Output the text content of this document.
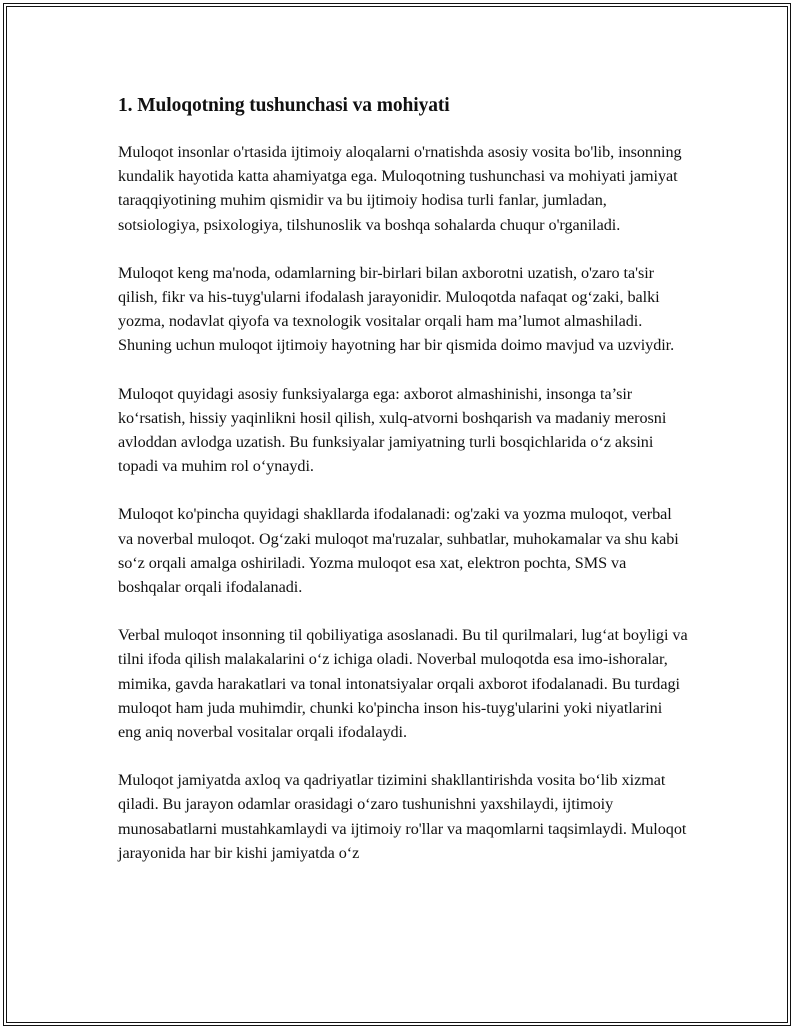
1. Muloqotning tushunchasi va mohiyati

Muloqot insonlar o'rtasida ijtimoiy aloqalarni o'rnatishda asosiy vosita bo'lib, insonning kundalik hayotida katta ahamiyatga ega. Muloqotning tushunchasi va mohiyati jamiyat taraqqiyotining muhim qismidir va bu ijtimoiy hodisa turli fanlar, jumladan, sotsiologiya, psixologiya, tilshunoslik va boshqa sohalarda chuqur o'rganiladi.

Muloqot keng ma'noda, odamlarning bir-birlari bilan axborotni uzatish, o'zaro ta'sir qilish, fikr va his-tuyg'ularni ifodalash jarayonidir. Muloqotda nafaqat og‘zaki, balki yozma, nodavlat qiyofa va texnologik vositalar orqali ham ma’lumot almashiladi. Shuning uchun muloqot ijtimoiy hayotning har bir qismida doimo mavjud va uzviydir.

Muloqot quyidagi asosiy funksiyalarga ega: axborot almashinishi, insonga ta’sir ko‘rsatish, hissiy yaqinlikni hosil qilish, xulq-atvorni boshqarish va madaniy merosni avloddan avlodga uzatish. Bu funksiyalar jamiyatning turli bosqichlarida o‘z aksini topadi va muhim rol o‘ynaydi.

Muloqot ko'pincha quyidagi shakllarda ifodalanadi: og'zaki va yozma muloqot, verbal va noverbal muloqot. Og‘zaki muloqot ma'ruzalar, suhbatlar, muhokamalar va shu kabi so‘z orqali amalga oshiriladi. Yozma muloqot esa xat, elektron pochta, SMS va boshqalar orqali ifodalanadi.

Verbal muloqot insonning til qobiliyatiga asoslanadi. Bu til qurilmalari, lug‘at boyligi va tilni ifoda qilish malakalarini o‘z ichiga oladi. Noverbal muloqotda esa imo-ishoralar, mimika, gavda harakatlari va tonal intonatsiyalar orqali axborot ifodalanadi. Bu turdagi muloqot ham juda muhimdir, chunki ko'pincha inson his-tuyg'ularini yoki niyatlarini eng aniq noverbal vositalar orqali ifodalaydi.

Muloqot jamiyatda axloq va qadriyatlar tizimini shakllantirishda vosita bo‘lib xizmat qiladi. Bu jarayon odamlar orasidagi o‘zaro tushunishni yaxshilaydi, ijtimoiy munosabatlarni mustahkamlaydi va ijtimoiy ro'llar va maqomlarni taqsimlaydi. Muloqot jarayonida har bir kishi jamiyatda o‘z
